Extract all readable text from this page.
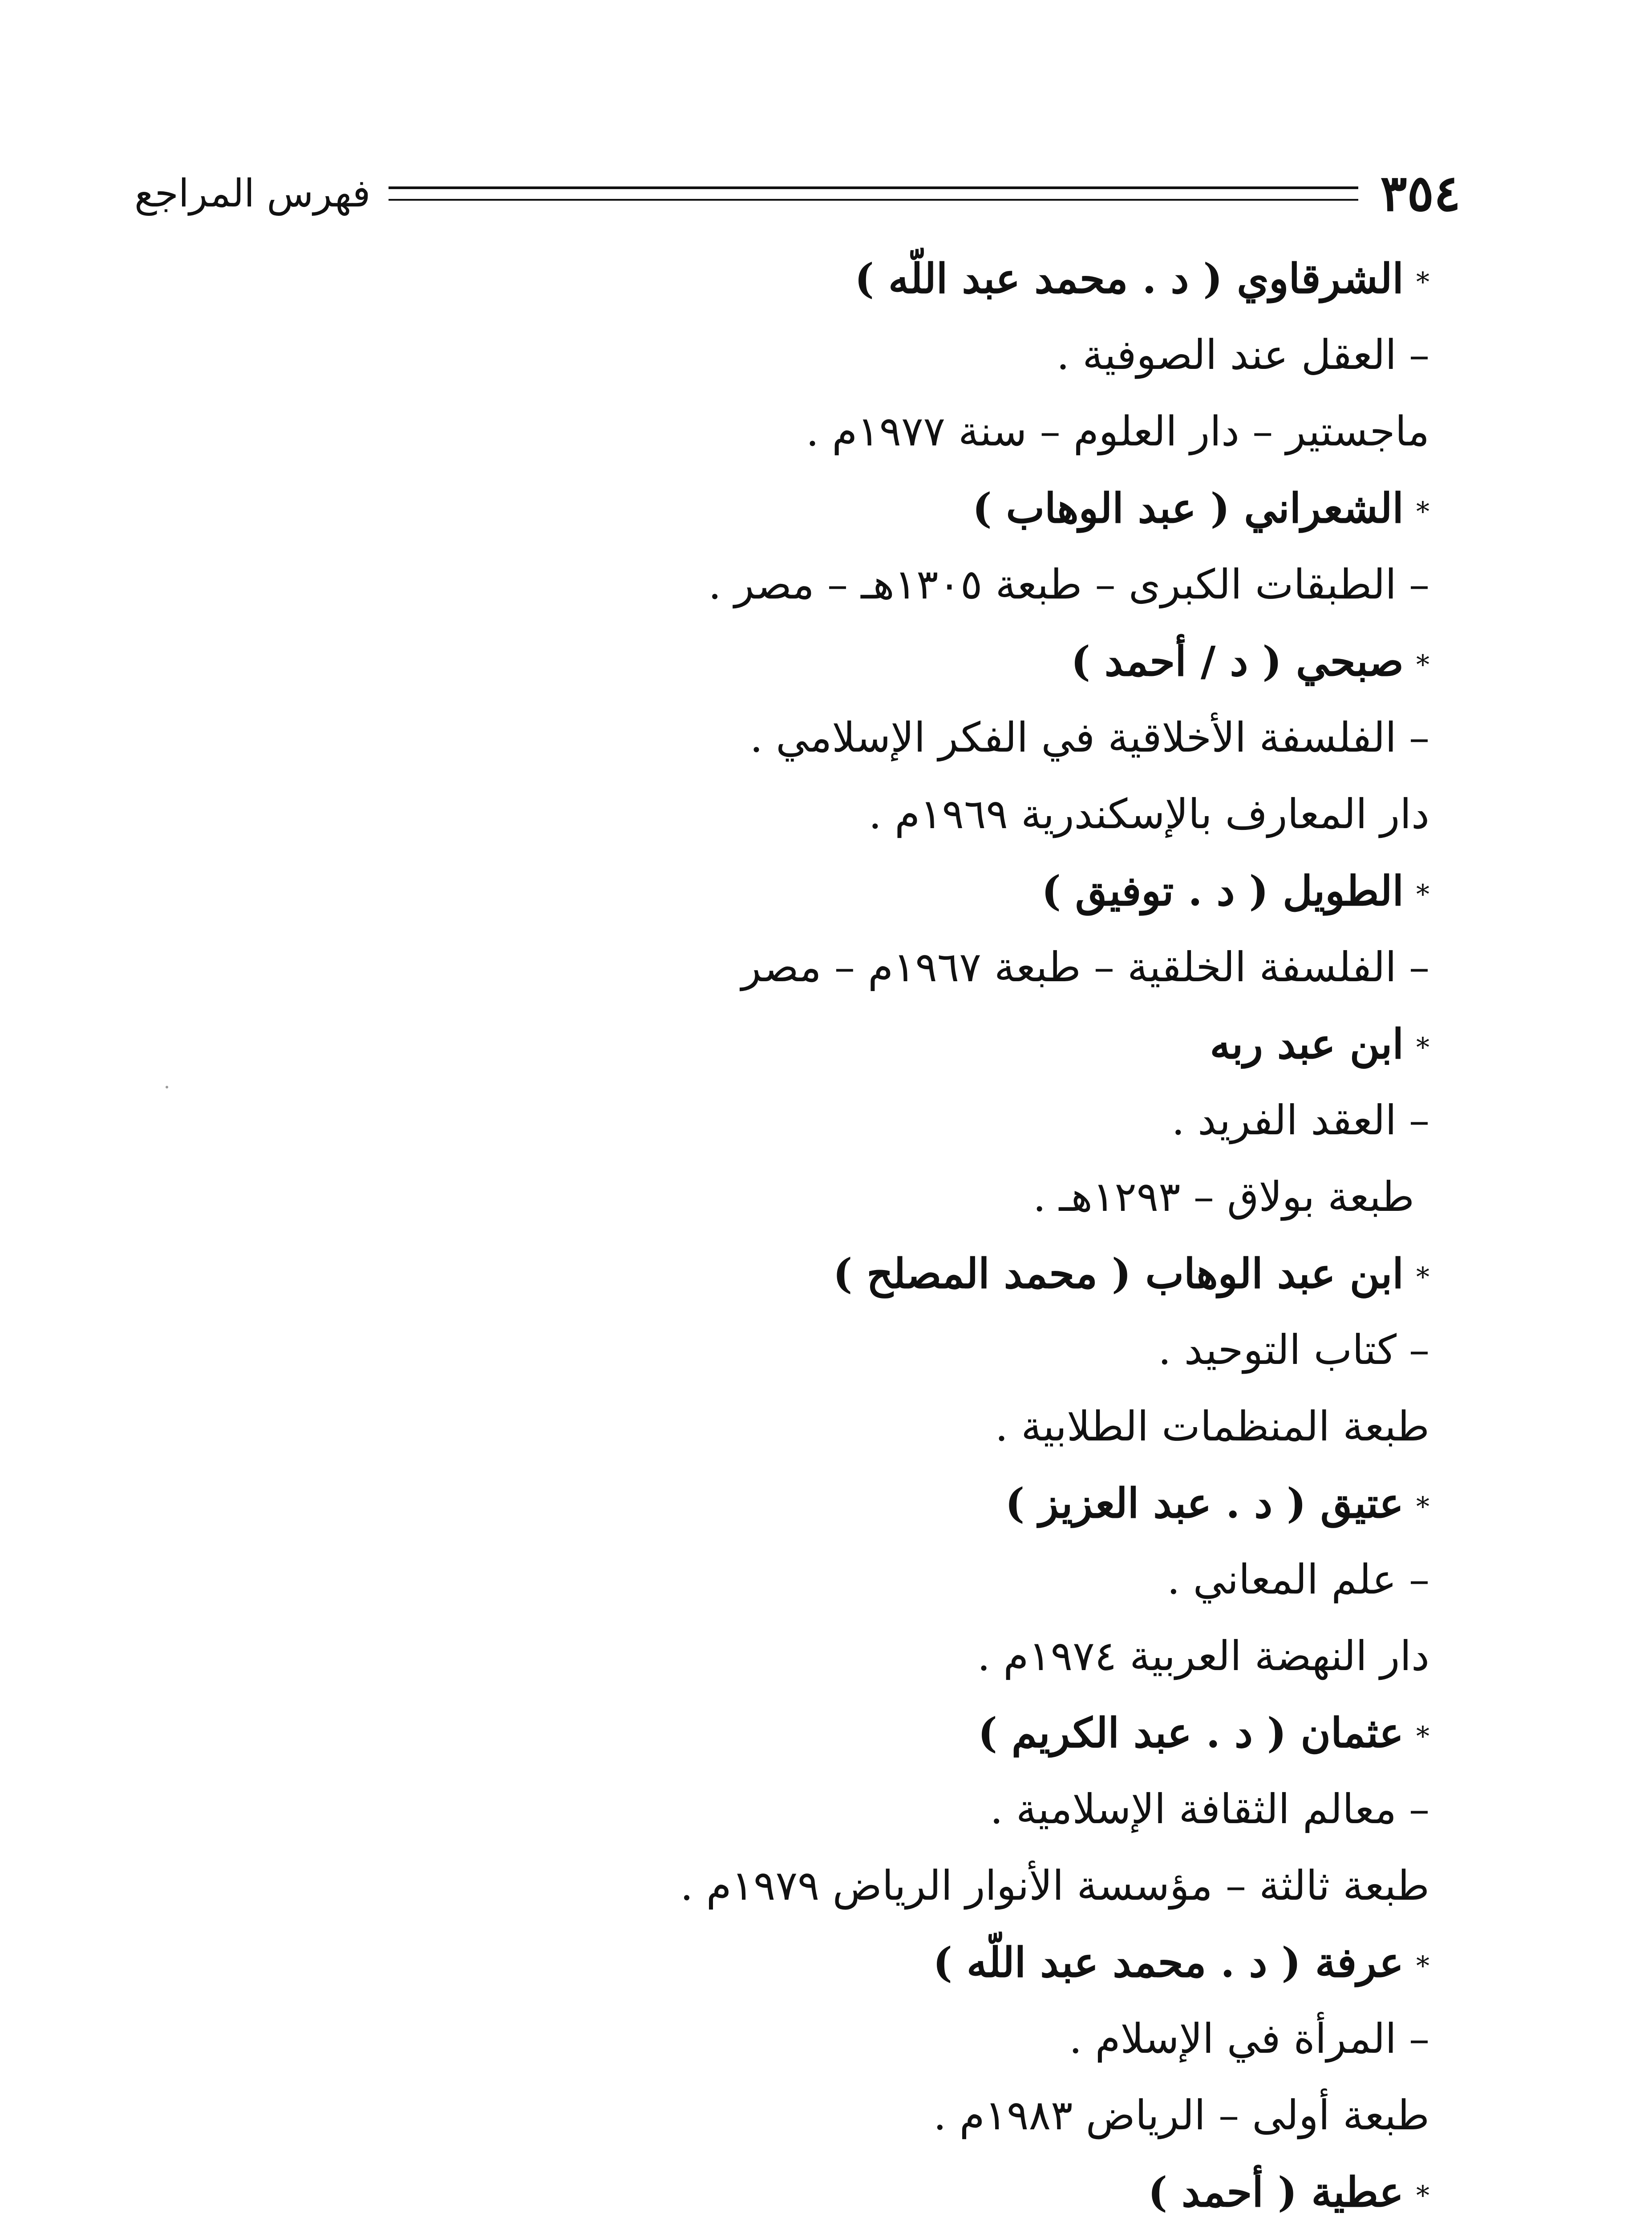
٣٥٤
فهرس المراجع
*الشرقاوي ( د . محمد عبد اللّه )
–العقل عند الصوفية .
ماجستير – دار العلوم – سنة ١٩٧٧م .
*الشعراني ( عبد الوهاب )
–الطبقات الكبرى – طبعة ١٣٠٥هـ – مصر .
*صبحي ( د / أحمد )
–الفلسفة الأخلاقية في الفكر الإسلامي .
دار المعارف بالإسكندرية ١٩٦٩م .
*الطويل ( د . توفيق )
–الفلسفة الخلقية – طبعة ١٩٦٧م – مصر
*ابن عبد ربه
–العقد الفريد .
طبعة بولاق – ١٢٩٣هـ .
*ابن عبد الوهاب ( محمد المصلح )
–كتاب التوحيد .
طبعة المنظمات الطلابية .
*عتيق ( د . عبد العزيز )
–علم المعاني .
دار النهضة العربية ١٩٧٤م .
*عثمان ( د . عبد الكريم )
–معالم الثقافة الإسلامية .
طبعة ثالثة – مؤسسة الأنوار الرياض ١٩٧٩م .
*عرفة ( د . محمد عبد اللّه )
–المرأة في الإسلام .
طبعة أولى – الرياض ١٩٨٣م .
*عطية ( أحمد )
